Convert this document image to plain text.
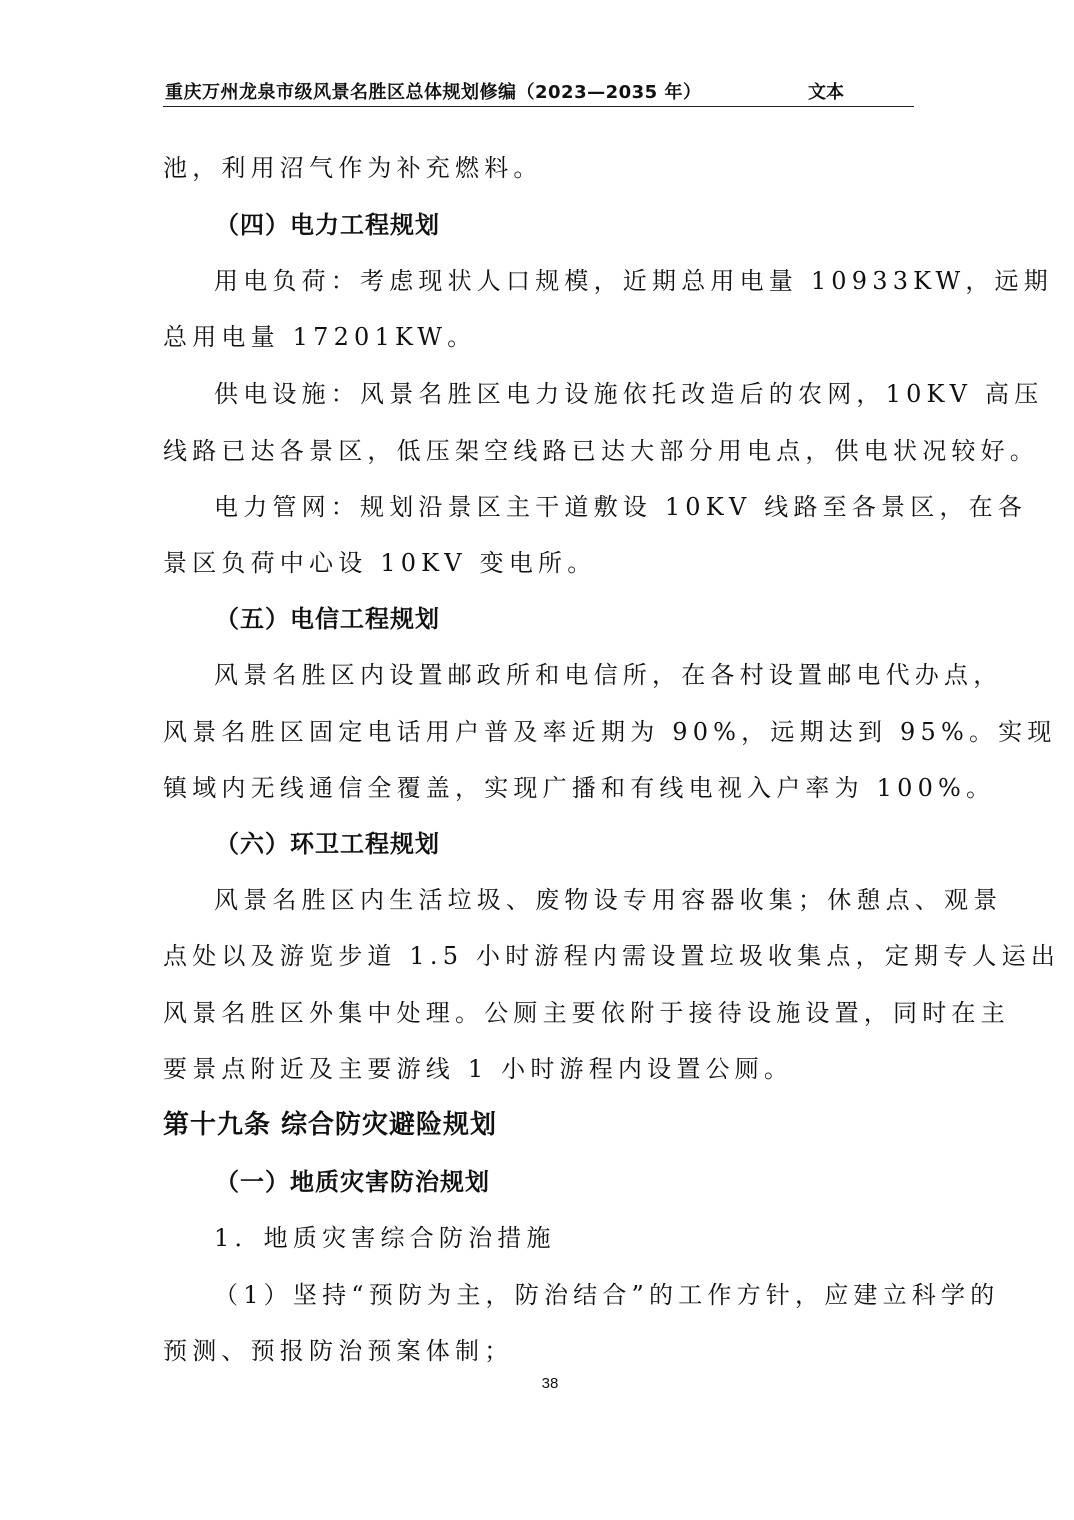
重庆万州龙泉市级风景名胜区总体规划修编（2023—2035 年）	文本
池，利用沼气作为补充燃料。
（四）电力工程规划
用电负荷：考虑现状人口规模，近期总用电量 10933KW，远期
总用电量 17201KW。
供电设施：风景名胜区电力设施依托改造后的农网，10KV 高压
线路已达各景区，低压架空线路已达大部分用电点，供电状况较好。
电力管网：规划沿景区主干道敷设 10KV 线路至各景区，在各
景区负荷中心设 10KV 变电所。
（五）电信工程规划
风景名胜区内设置邮政所和电信所，在各村设置邮电代办点，
风景名胜区固定电话用户普及率近期为 90%，远期达到 95%。实现
镇域内无线通信全覆盖，实现广播和有线电视入户率为 100%。
（六）环卫工程规划
风景名胜区内生活垃圾、废物设专用容器收集；休憩点、观景
点处以及游览步道 1.5 小时游程内需设置垃圾收集点，定期专人运出
风景名胜区外集中处理。公厕主要依附于接待设施设置，同时在主
要景点附近及主要游线 1 小时游程内设置公厕。
第十九条 综合防灾避险规划
（一）地质灾害防治规划
1．地质灾害综合防治措施
（1）坚持“预防为主，防治结合”的工作方针，应建立科学的
预测、预报防治预案体制；
38
